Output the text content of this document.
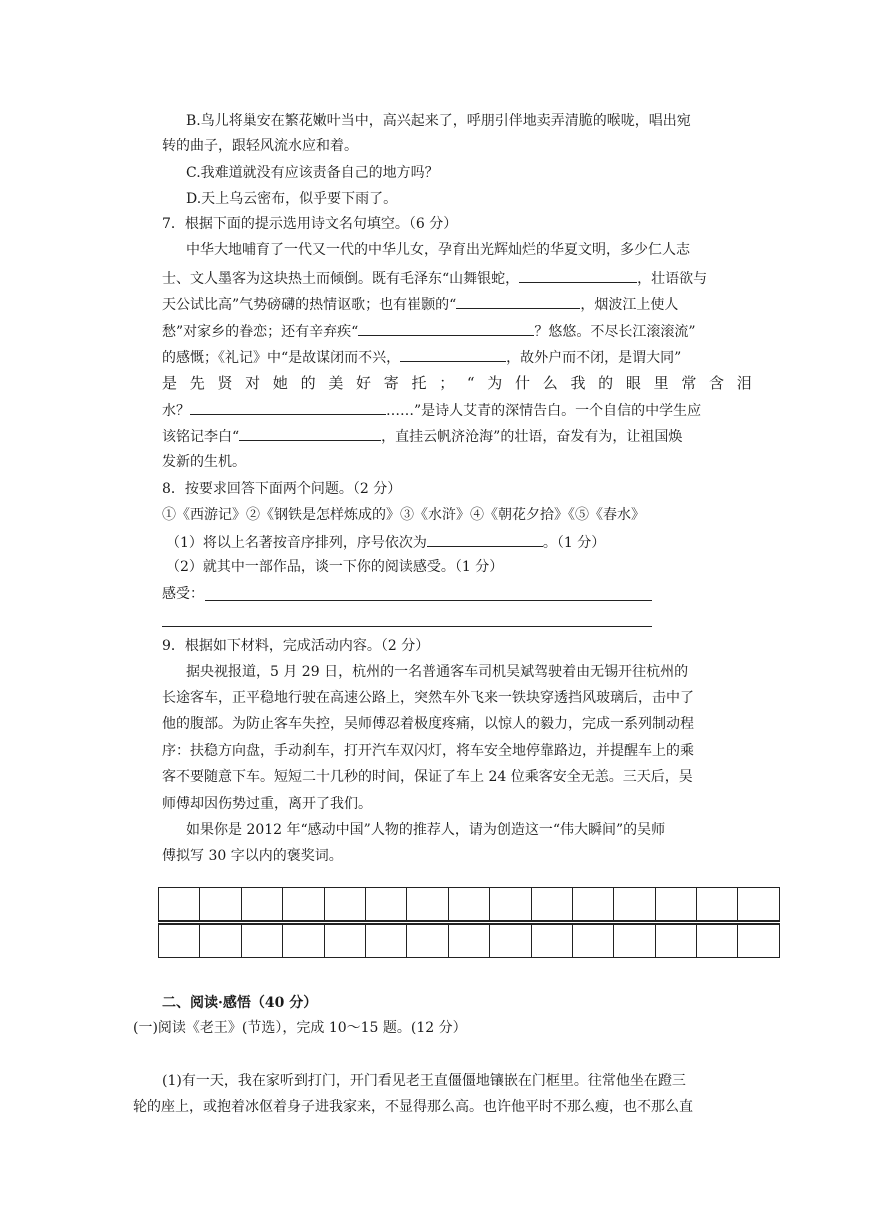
B.鸟儿将巢安在繁花嫩叶当中，高兴起来了，呼朋引伴地卖弄清脆的喉咙，唱出宛
转的曲子，跟轻风流水应和着。
C.我难道就没有应该责备自己的地方吗？
D.天上乌云密布，似乎要下雨了。
7．根据下面的提示选用诗文名句填空。（6 分）
中华大地哺育了一代又一代的中华儿女，孕育出光辉灿烂的华夏文明，多少仁人志
士、文人墨客为这块热土而倾倒。既有毛泽东“山舞银蛇，	，壮语欲与
天公试比高”气势磅礴的热情讴歌；也有崔颢的“	，烟波江上使人
愁”对家乡的眷恋；还有辛弃疾“	？悠悠。不尽长江滚滚流”
的感慨；《礼记》中“是故谋闭而不兴，	，故外户而不闭，是谓大同”
是 先 贤 对 她 的 美 好 寄 托 ； “ 为 什 么 我 的 眼 里 常 含 泪
水？	……”是诗人艾青的深情告白。一个自信的中学生应
该铭记李白“	，直挂云帆济沧海”的壮语，奋发有为，让祖国焕
发新的生机。
8．按要求回答下面两个问题。（2 分）
①《西游记》②《钢铁是怎样炼成的》③《水浒》④《朝花夕拾》《⑤《春水》
（1）将以上名著按音序排列，序号依次为	。（1 分）
（2）就其中一部作品，谈一下你的阅读感受。（1 分）
感受：
9．根据如下材料，完成活动内容。（2 分）
据央视报道，5 月 29 日，杭州的一名普通客车司机吴斌驾驶着由无锡开往杭州的
长途客车，正平稳地行驶在高速公路上，突然车外飞来一铁块穿透挡风玻璃后，击中了
他的腹部。为防止客车失控，吴师傅忍着极度疼痛，以惊人的毅力，完成一系列制动程
序：扶稳方向盘，手动刹车，打开汽车双闪灯，将车安全地停靠路边，并提醒车上的乘
客不要随意下车。短短二十几秒的时间，保证了车上 24 位乘客安全无恙。三天后，吴
师傅却因伤势过重，离开了我们。
如果你是 2012 年“感动中国”人物的推荐人，请为创造这一“伟大瞬间”的吴师
傅拟写 30 字以内的褒奖词。

二、阅读·感悟（40 分）
(一)阅读《老王》(节选），完成 10～15 题。(12 分）
(1)有一天，我在家听到打门，开门看见老王直僵僵地镶嵌在门框里。往常他坐在蹬三
轮的座上，或抱着冰伛着身子进我家来，不显得那么高。也许他平时不那么瘦，也不那么直
